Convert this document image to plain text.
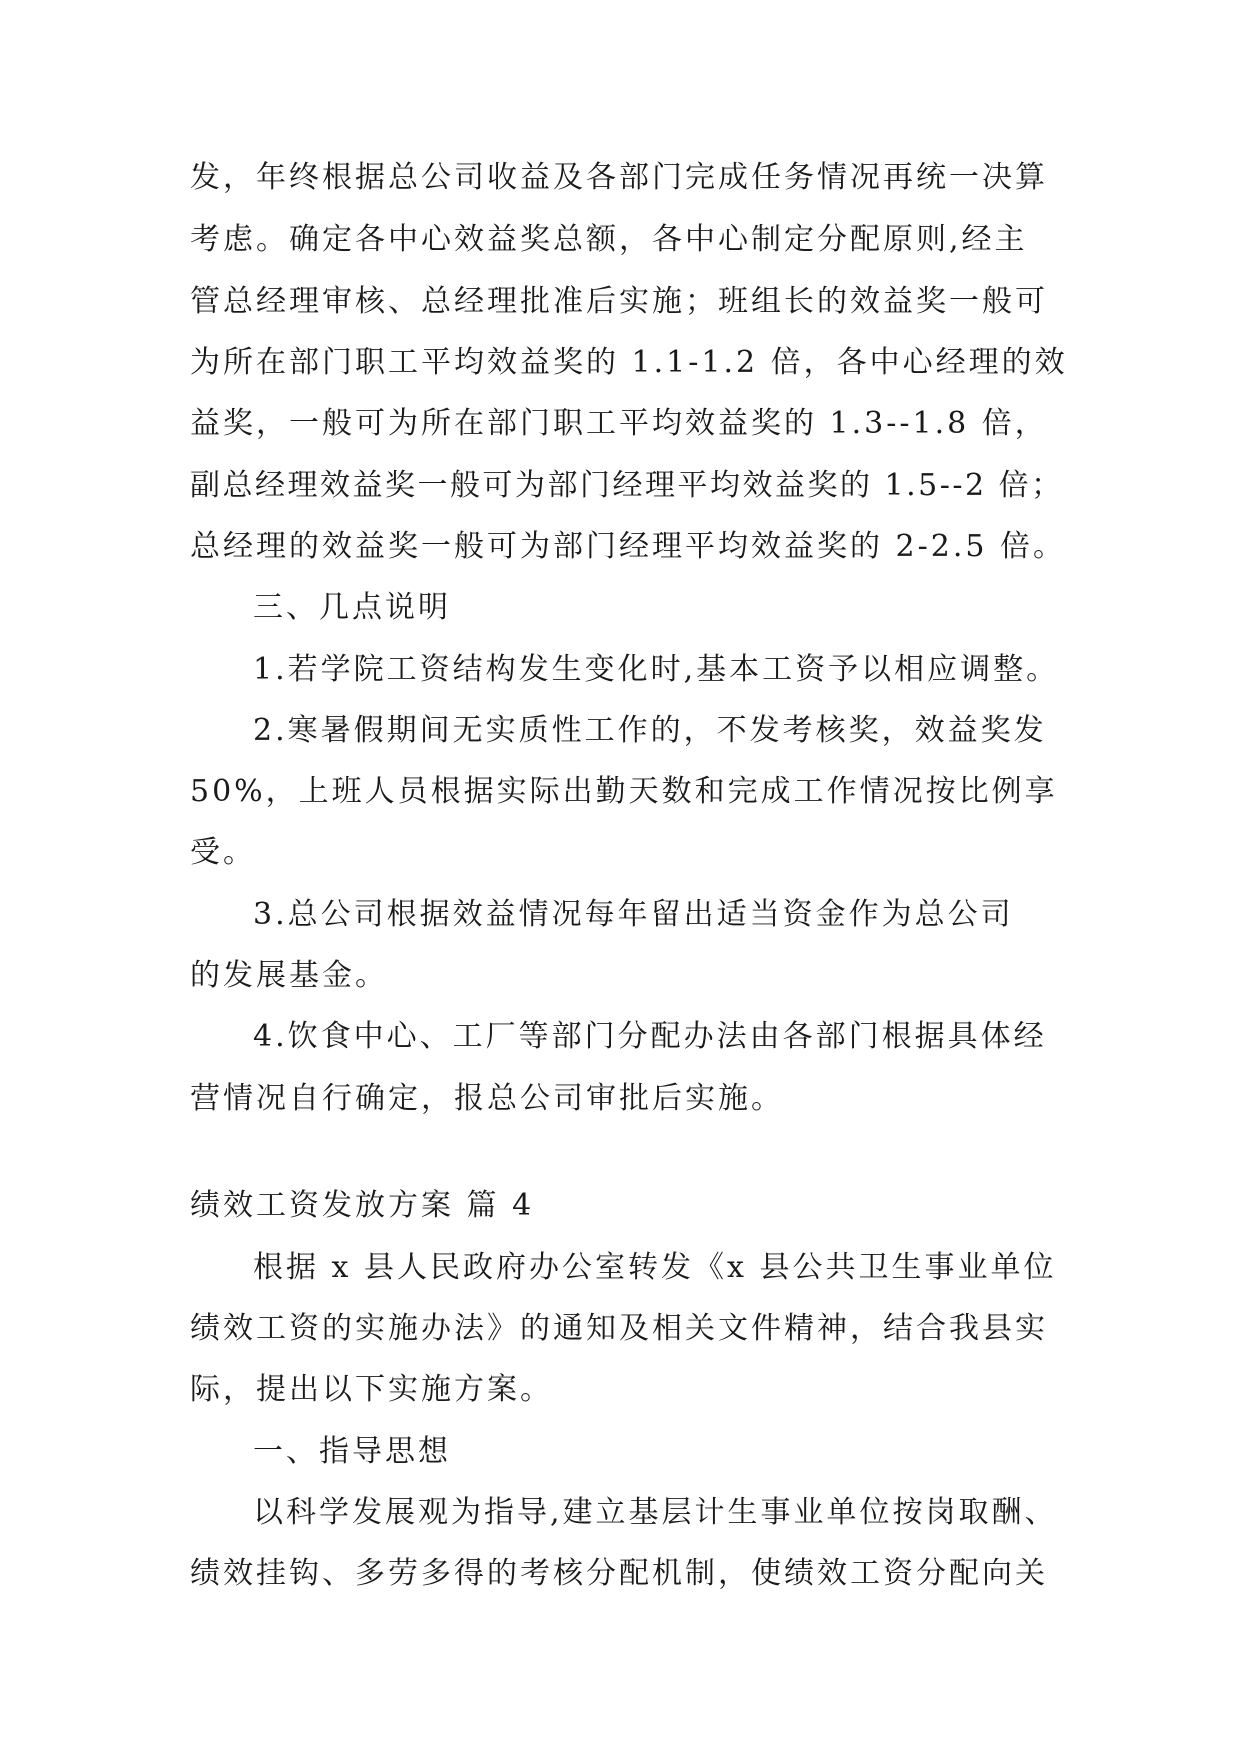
发，年终根据总公司收益及各部门完成任务情况再统一决算
考虑。确定各中心效益奖总额，各中心制定分配原则,经主
管总经理审核、总经理批准后实施；班组长的效益奖一般可
为所在部门职工平均效益奖的 1.1-1.2 倍，各中心经理的效
益奖，一般可为所在部门职工平均效益奖的 1.3--1.8 倍，
副总经理效益奖一般可为部门经理平均效益奖的 1.5--2 倍；
总经理的效益奖一般可为部门经理平均效益奖的 2-2.5 倍。
三、几点说明
1.若学院工资结构发生变化时,基本工资予以相应调整。
2.寒暑假期间无实质性工作的，不发考核奖，效益奖发
50%，上班人员根据实际出勤天数和完成工作情况按比例享
受。
3.总公司根据效益情况每年留出适当资金作为总公司
的发展基金。
4.饮食中心、工厂等部门分配办法由各部门根据具体经
营情况自行确定，报总公司审批后实施。
绩效工资发放方案 篇 4
根据 x 县人民政府办公室转发《x 县公共卫生事业单位
绩效工资的实施办法》的通知及相关文件精神，结合我县实
际，提出以下实施方案。
一、指导思想
以科学发展观为指导,建立基层计生事业单位按岗取酬、
绩效挂钩、多劳多得的考核分配机制，使绩效工资分配向关
